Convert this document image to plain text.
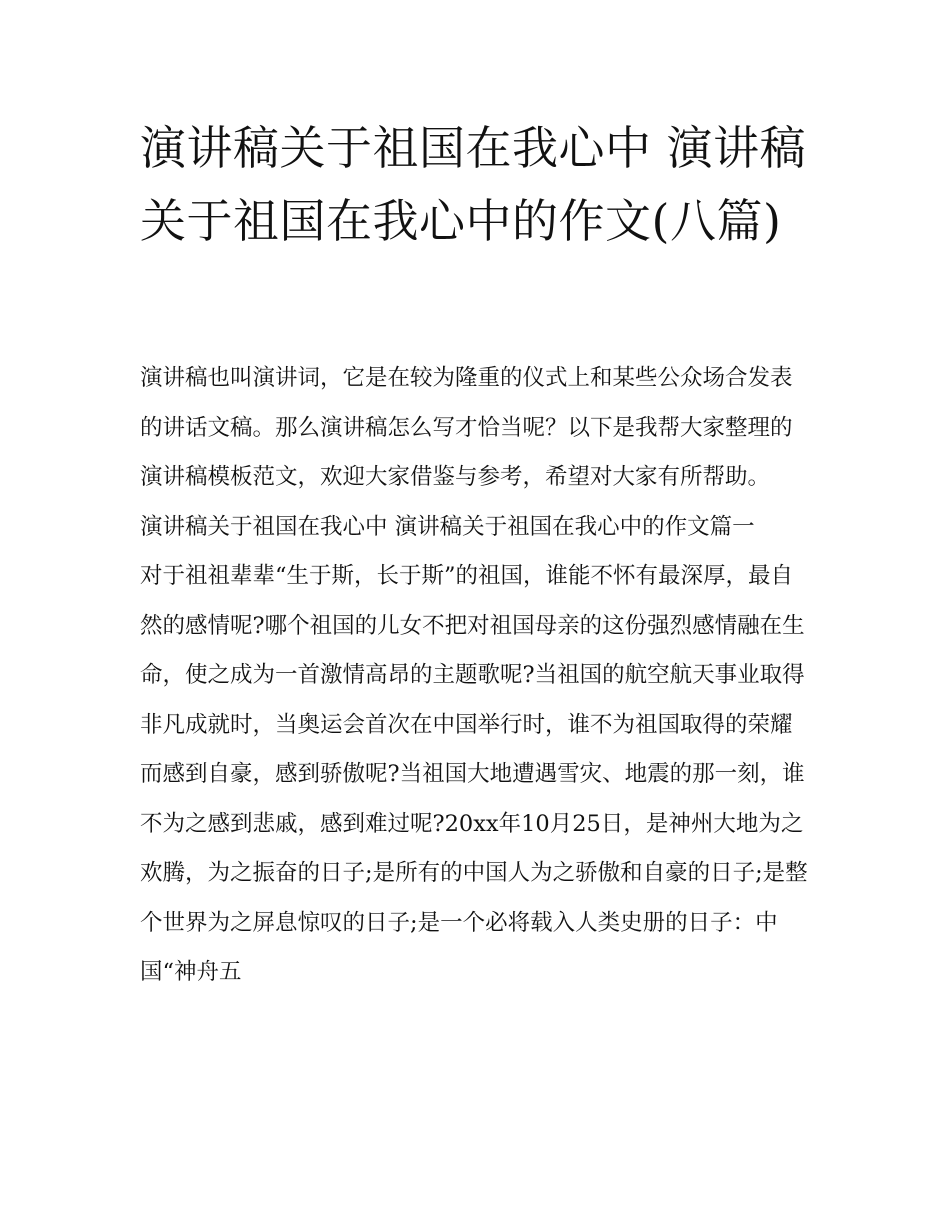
演讲稿关于祖国在我心中 演讲稿关于祖国在我心中的作文(八篇)

演讲稿也叫演讲词，它是在较为隆重的仪式上和某些公众场合发表的讲话文稿。那么演讲稿怎么写才恰当呢？以下是我帮大家整理的演讲稿模板范文，欢迎大家借鉴与参考，希望对大家有所帮助。

演讲稿关于祖国在我心中 演讲稿关于祖国在我心中的作文篇一

对于祖祖辈辈“生于斯，长于斯”的祖国，谁能不怀有最深厚，最自然的感情呢?哪个祖国的儿女不把对祖国母亲的这份强烈感情融在生命，使之成为一首激情高昂的主题歌呢?当祖国的航空航天事业取得非凡成就时，当奥运会首次在中国举行时，谁不为祖国取得的荣耀而感到自豪，感到骄傲呢?当祖国大地遭遇雪灾、地震的那一刻，谁不为之感到悲戚，感到难过呢?20xx年10月25日，是神州大地为之欢腾，为之振奋的日子;是所有的中国人为之骄傲和自豪的日子;是整个世界为之屏息惊叹的日子;是一个必将载入人类史册的日子：中国“神舟五
